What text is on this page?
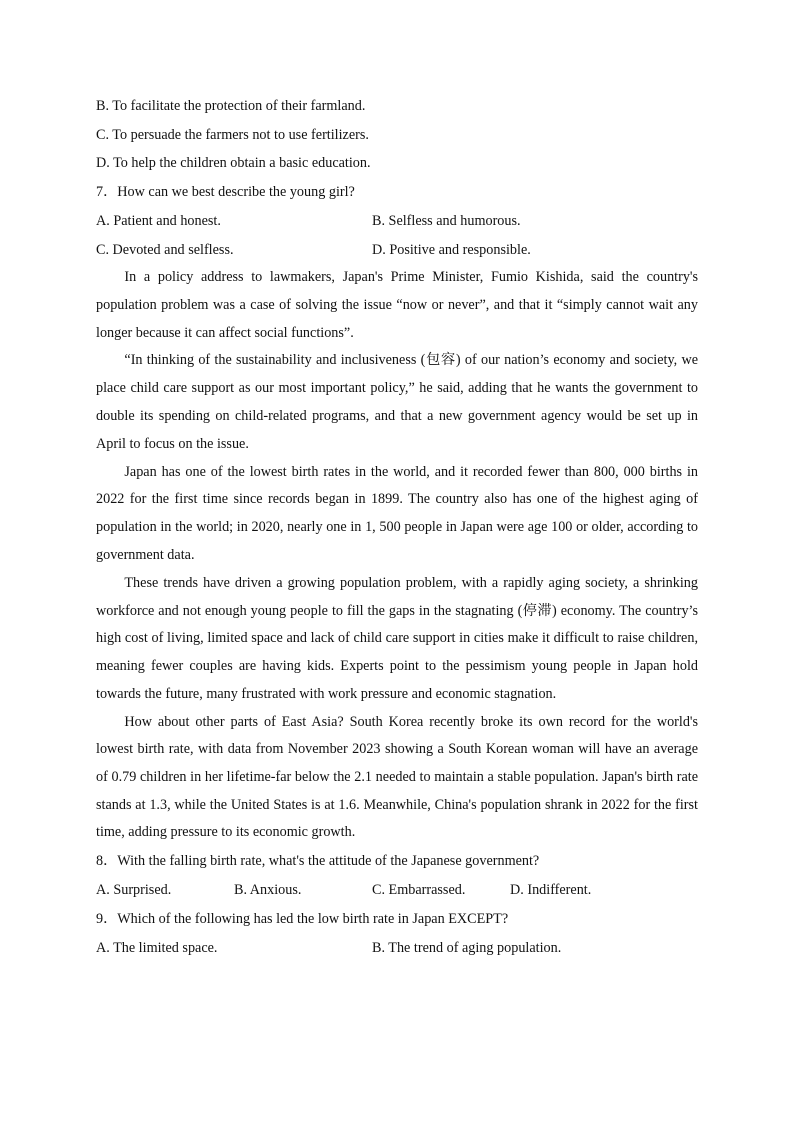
B. To facilitate the protection of their farmland.
C. To persuade the farmers not to use fertilizers.
D. To help the children obtain a basic education.
7．How can we best describe the young girl?
A. Patient and honest.	B. Selfless and humorous.
C. Devoted and selfless.	D. Positive and responsible.

In a policy address to lawmakers, Japan's Prime Minister, Fumio Kishida, said the country's population problem was a case of solving the issue “now or never”, and that it “simply cannot wait any longer because it can affect social functions”.

“In thinking of the sustainability and inclusiveness (包容) of our nation’s economy and society, we place child care support as our most important policy,” he said, adding that he wants the government to double its spending on child-related programs, and that a new government agency would be set up in April to focus on the issue.

Japan has one of the lowest birth rates in the world, and it recorded fewer than 800, 000 births in 2022 for the first time since records began in 1899. The country also has one of the highest aging of population in the world; in 2020, nearly one in 1, 500 people in Japan were age 100 or older, according to government data.

These trends have driven a growing population problem, with a rapidly aging society, a shrinking workforce and not enough young people to fill the gaps in the stagnating (停滞) economy. The country’s high cost of living, limited space and lack of child care support in cities make it difficult to raise children, meaning fewer couples are having kids. Experts point to the pessimism young people in Japan hold towards the future, many frustrated with work pressure and economic stagnation.

How about other parts of East Asia? South Korea recently broke its own record for the world's lowest birth rate, with data from November 2023 showing a South Korean woman will have an average of 0.79 children in her lifetime-far below the 2.1 needed to maintain a stable population. Japan's birth rate stands at 1.3, while the United States is at 1.6. Meanwhile, China's population shrank in 2022 for the first time, adding pressure to its economic growth.

8．With the falling birth rate, what's the attitude of the Japanese government?
A. Surprised.	B. Anxious.	C. Embarrassed.	D. Indifferent.
9．Which of the following has led the low birth rate in Japan EXCEPT?
A. The limited space.	B. The trend of aging population.
